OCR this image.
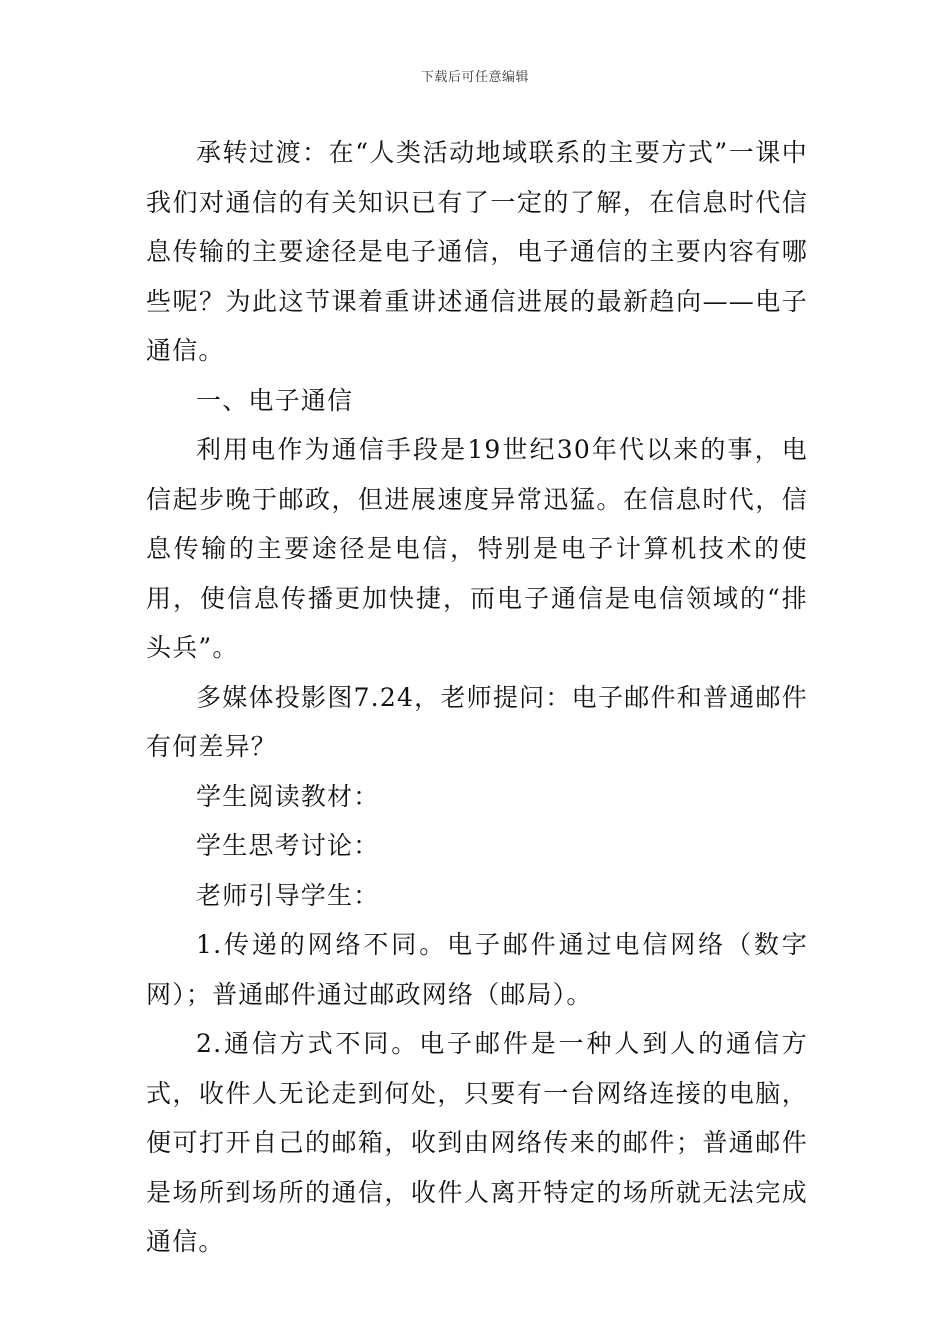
下载后可任意编辑

承转过渡：在“人类活动地域联系的主要方式”一课中我们对通信的有关知识已有了一定的了解，在信息时代信息传输的主要途径是电子通信，电子通信的主要内容有哪些呢？为此这节课着重讲述通信进展的最新趋向——电子通信。

一、电子通信

利用电作为通信手段是19世纪30年代以来的事，电信起步晚于邮政，但进展速度异常迅猛。在信息时代，信息传输的主要途径是电信，特别是电子计算机技术的使用，使信息传播更加快捷，而电子通信是电信领域的“排头兵”。

多媒体投影图7.24，老师提问：电子邮件和普通邮件有何差异？

学生阅读教材：

学生思考讨论：

老师引导学生：

1.传递的网络不同。电子邮件通过电信网络（数字网）；普通邮件通过邮政网络（邮局）。

2.通信方式不同。电子邮件是一种人到人的通信方式，收件人无论走到何处，只要有一台网络连接的电脑，便可打开自己的邮箱，收到由网络传来的邮件；普通邮件是场所到场所的通信，收件人离开特定的场所就无法完成通信。
